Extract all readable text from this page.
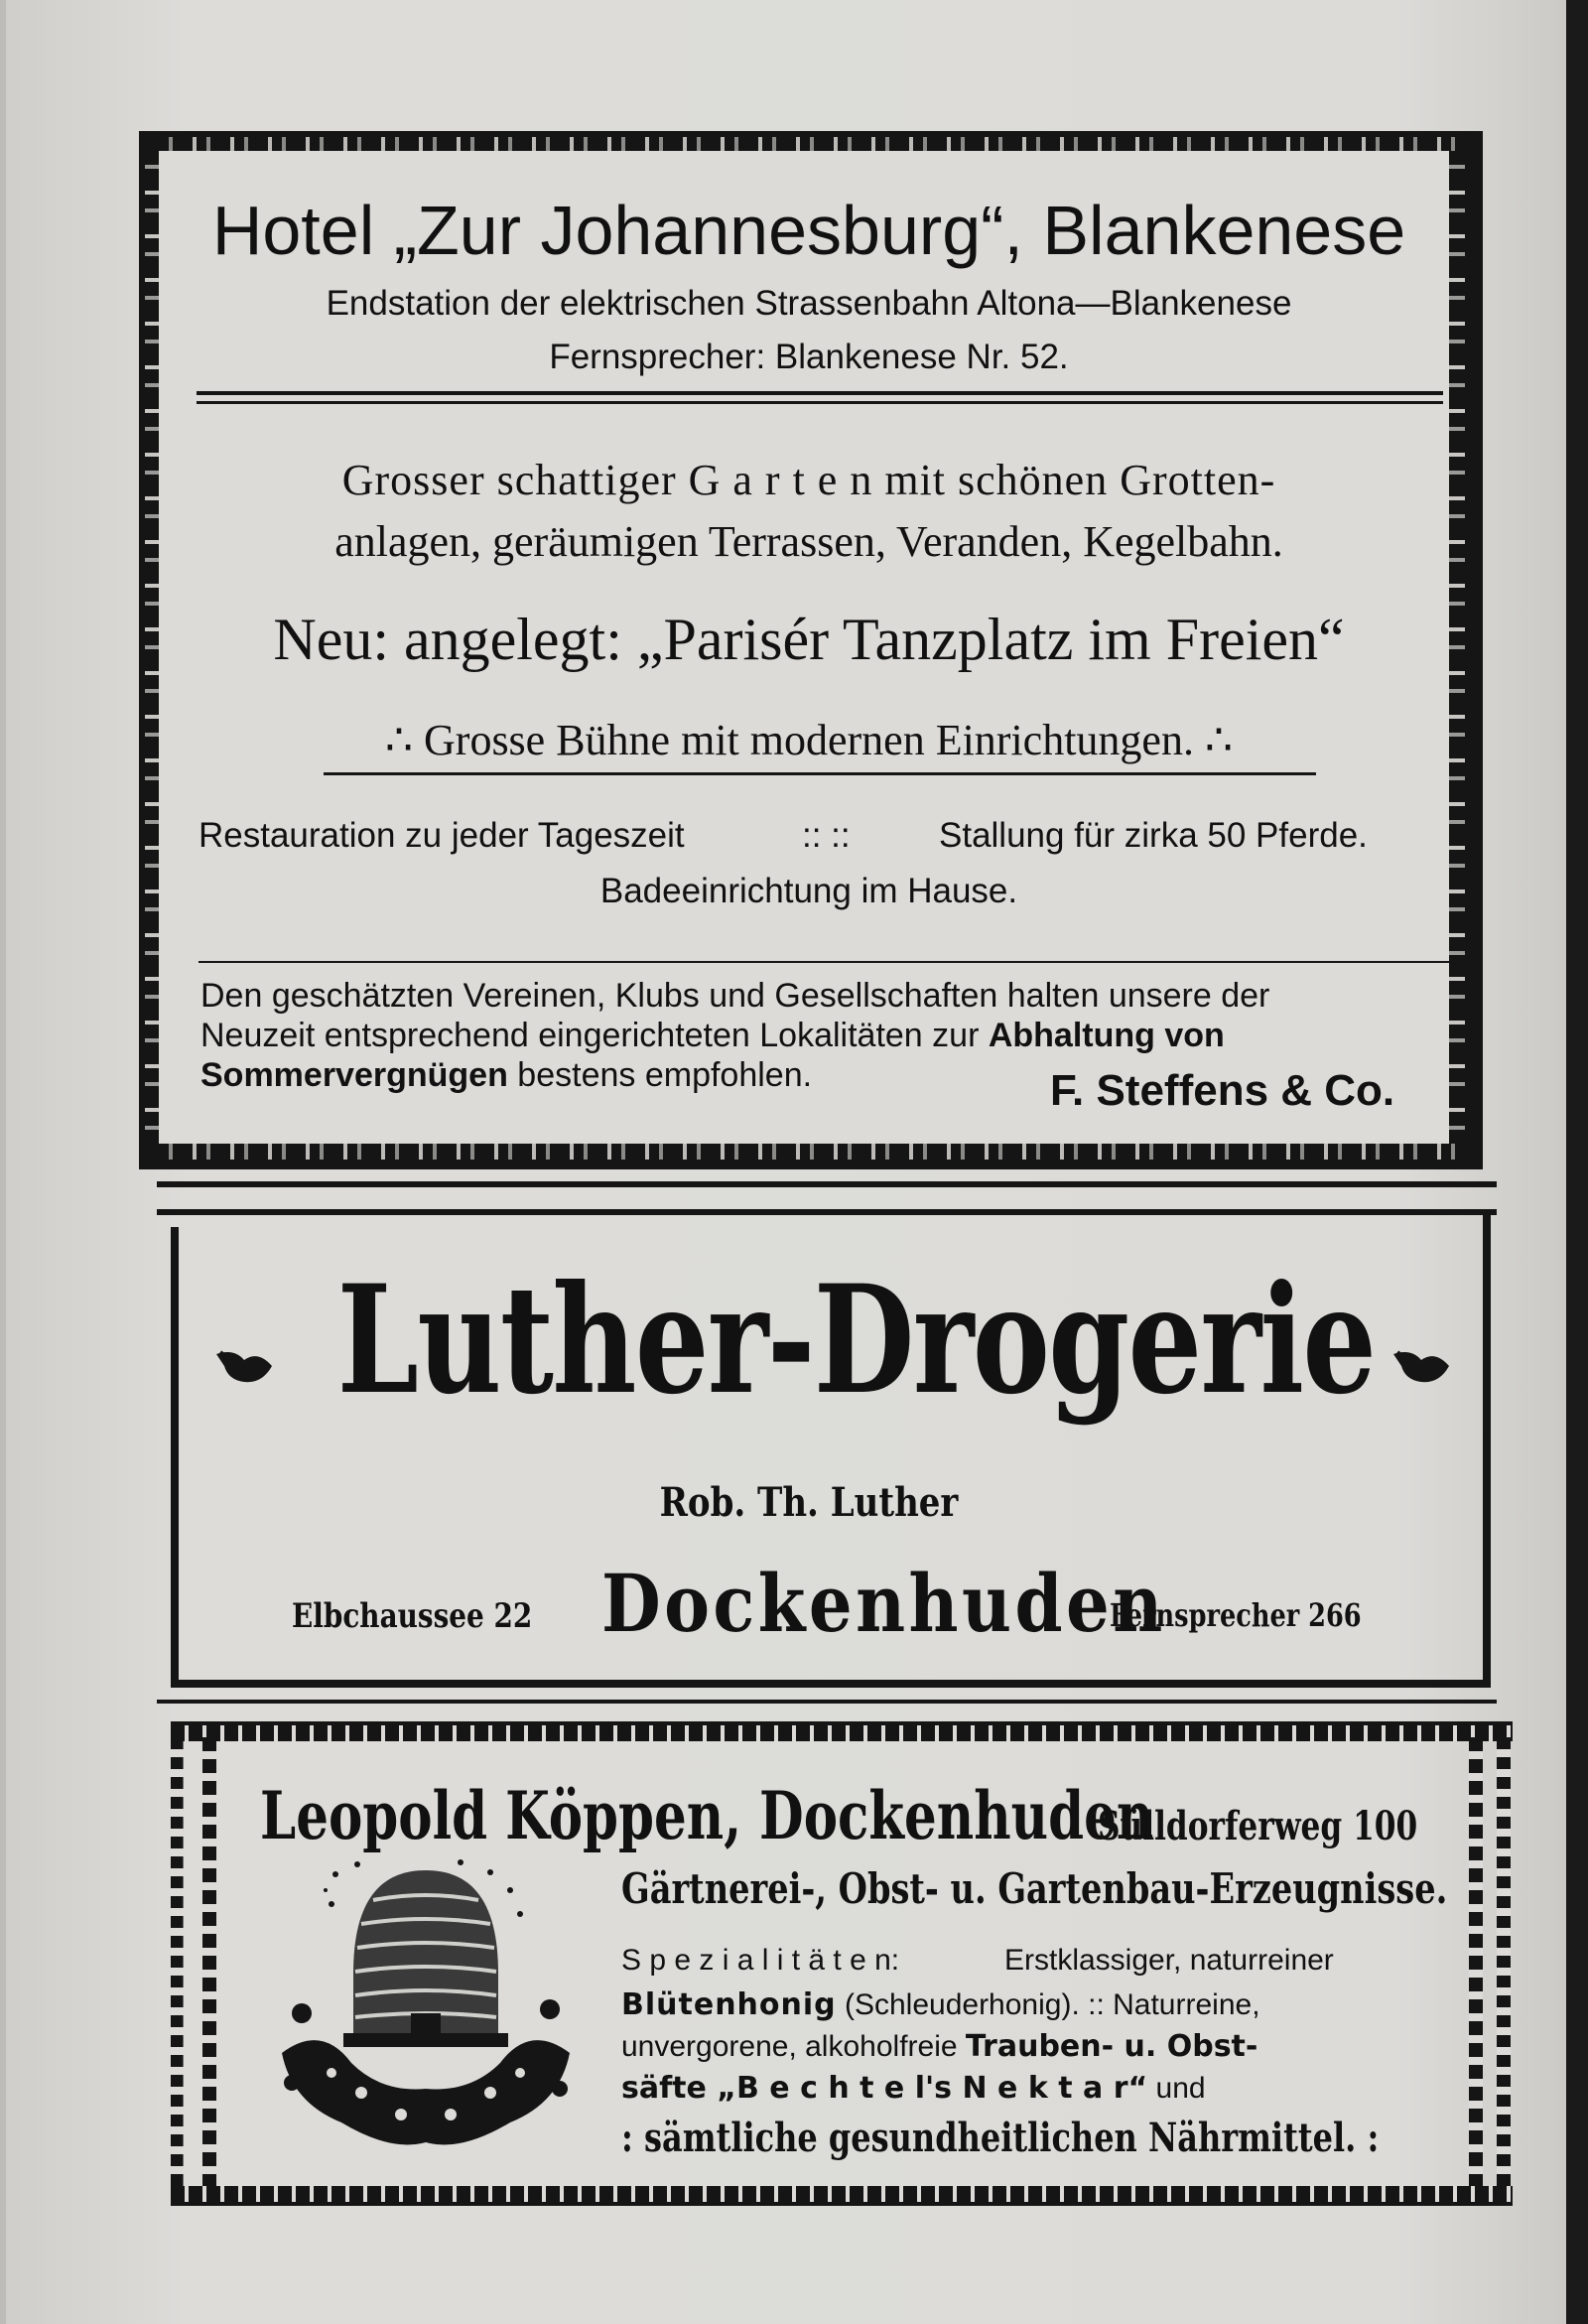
Hotel „Zur Johannesburg“, Blankenese
Endstation der elektrischen Strassenbahn Altona—Blankenese
Fernsprecher: Blankenese Nr. 52.
Grosser schattiger G a r t e n mit schönen Grotten-
anlagen, geräumigen Terrassen, Veranden, Kegelbahn.
Neu: angelegt: „Parisér Tanzplatz im Freien“
∴ Grosse Bühne mit modernen Einrichtungen. ∴
Restauration zu jeder Tageszeit	:: ::	Stallung für zirka 50 Pferde.
Badeeinrichtung im Hause.
Den geschätzten Vereinen, Klubs und Gesellschaften halten unsere der
Neuzeit entsprechend eingerichteten Lokalitäten zur Abhaltung von
Sommervergnügen bestens empfohlen.	F. Steffens & Co.
Luther-Drogerie
Rob. Th. Luther
Elbchaussee 22 Dockenhuden
Fernsprecher 266
Leopold Köppen, Dockenhuden
Sülldorferweg 100
Gärtnerei-, Obst- u. Gartenbau-Erzeugnisse.
S p e z i a l i t ä t e n:	Erstklassiger, naturreiner
Blütenhonig (Schleuderhonig). :: Naturreine,
unvergorene, alkoholfreie Trauben- u. Obst-
säfte „B e c h t e l's N e k t a r“ und
: sämtliche gesundheitlichen Nährmittel. :
